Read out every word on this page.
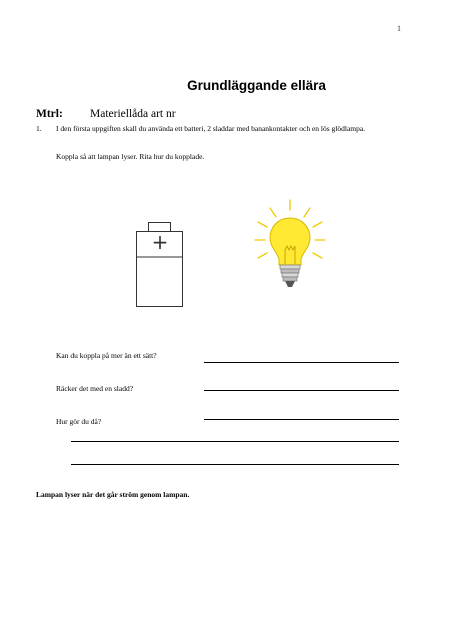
1
Grundläggande ellära
Mtrl: Materiellåda art nr
1. I den första uppgiften skall du använda ett batteri, 2 sladdar med banankontakter och en lös glödlampa.
Koppla så att lampan lyser. Rita hur du kopplade.
+
Kan du koppla på mer än ett sätt?
Räcker det med en sladd?
Hur gör du då?
Lampan lyser när det går ström genom lampan.
